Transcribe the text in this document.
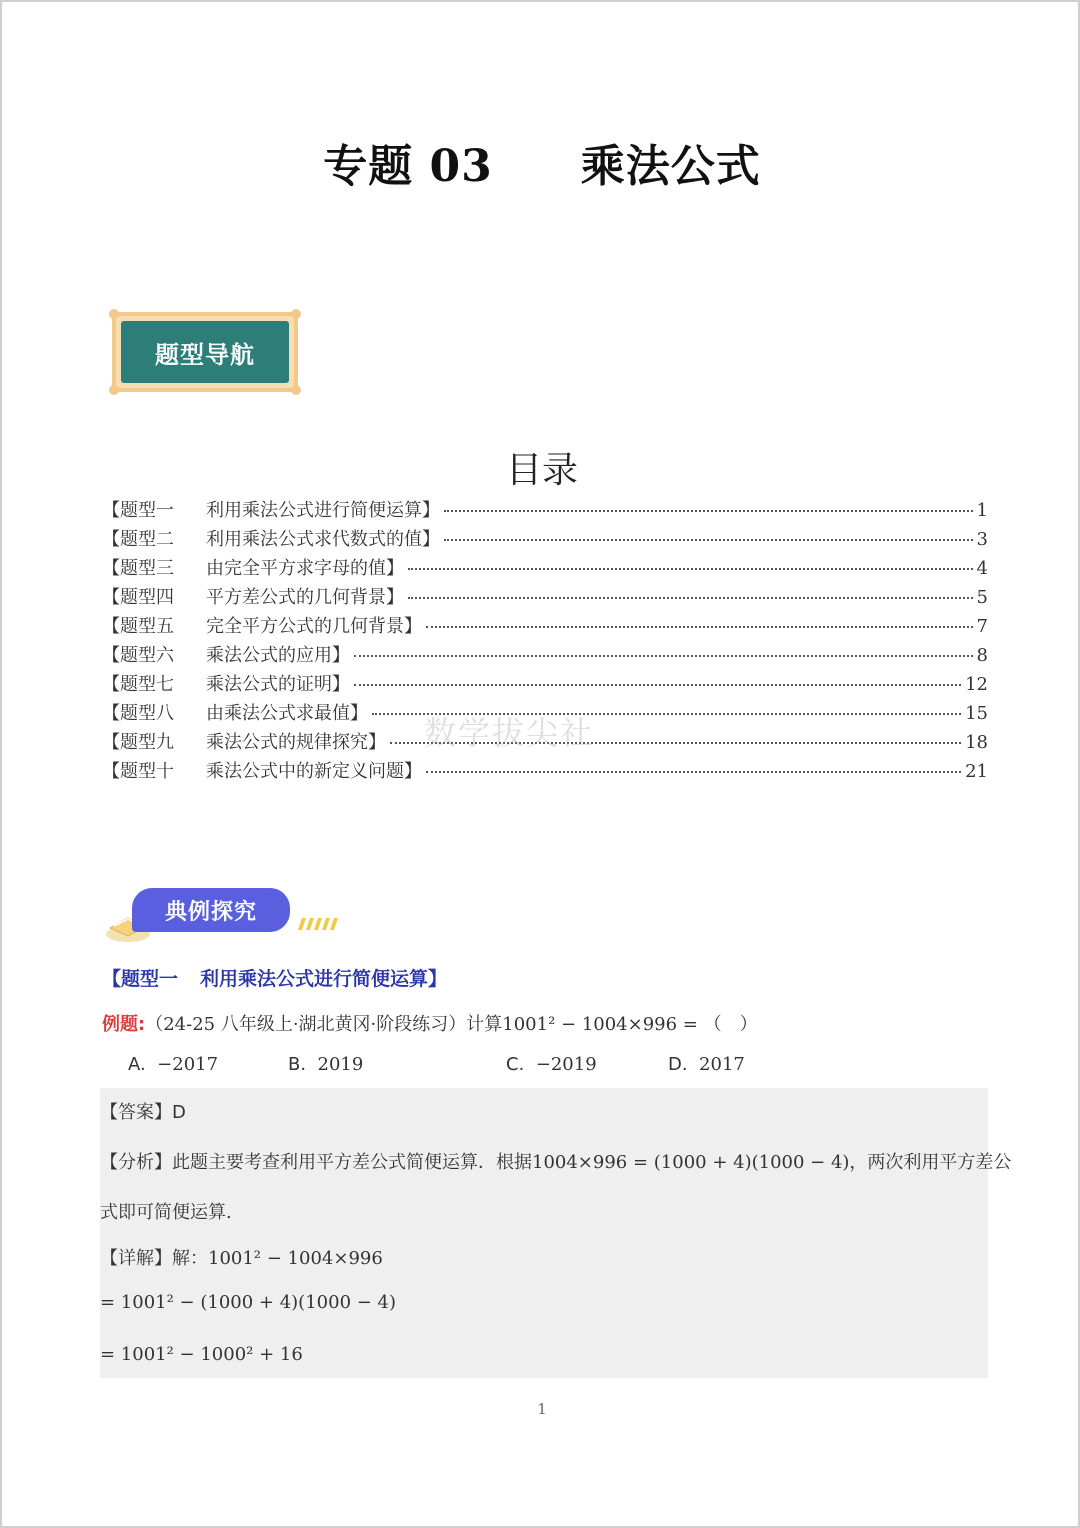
专题 03 乘法公式
题型导航
目录
【题型一	利用乘法公式进行简便运算】	1
【题型二	利用乘法公式求代数式的值】	3
【题型三	由完全平方求字母的值】	4
【题型四	平方差公式的几何背景】	5
【题型五	完全平方公式的几何背景】	7
【题型六	乘法公式的应用】	8
【题型七	乘法公式的证明】	12
【题型八	由乘法公式求最值】	15
【题型九	乘法公式的规律探究】	18
【题型十	乘法公式中的新定义问题】	21
数学拔尖社
典例探究
【题型一 利用乘法公式进行简便运算】
例题:（24-25 八年级上·湖北黄冈·阶段练习）计算1001² − 1004×996 = （　）
A. −2017	B. 2019	C. −2019	D. 2017
【答案】D
【分析】此题主要考查利用平方差公式简便运算．根据1004×996 = (1000 + 4)(1000 − 4)，两次利用平方差公
式即可简便运算.
【详解】解：1001² − 1004×996
= 1001² − (1000 + 4)(1000 − 4)
= 1001² − 1000² + 16
1
